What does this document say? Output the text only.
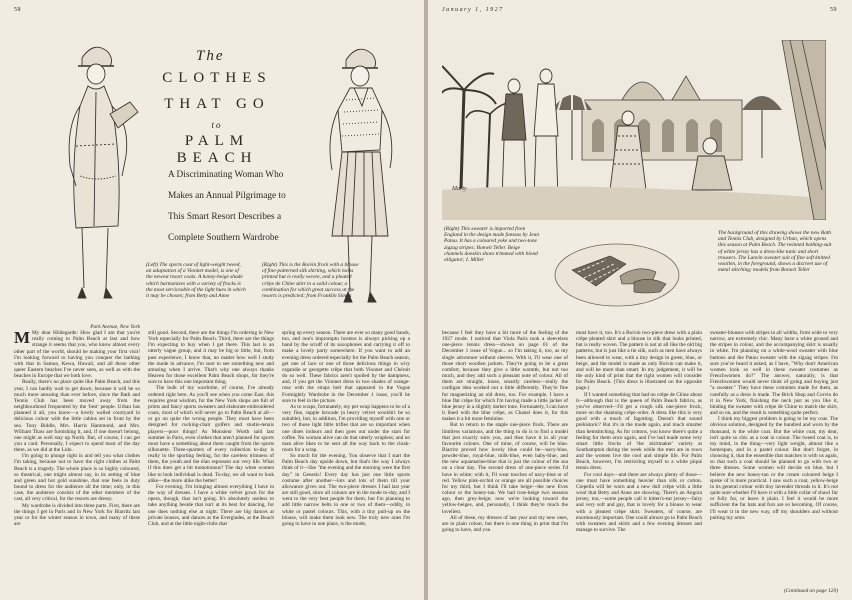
58
The
CLOTHES
THAT GO
to
PALM BEACH
A Discriminating Woman Who
Makes an Annual Pilgrimage to
This Smart Resort Describes a
Complete Southern Wardrobe
(Left) The sports coat of light-weight tweed, an adaptation of a Vionnet model, is one of the newest resort coats. A honey-beige shade which harmonizes with a variety of frocks is the most serviceable of the light hues in which it may be chosen; from Betty and Anne
(Right) This is the Boivin frock with a blouse of fine-patterned silk shirting, which looks printed but is really woven, and a pleated crêpe de Chine skirt in a solid colour, a combination for which great success at the resorts is predicted; from Franklin Simon
Park Avenue, New York

M My dear Hildegarde: How glad I am that you're really coming to Palm Beach at last and how strange it seems that you, who know almost every other part of the world, should be making your first visit! I'm looking forward to having you conquer the bathing with that in Samoa, Kewa, Hawaii, and all those other queer Eastern beaches I've never seen, as well as with the beaches in Europe that we both love.

Really, there's no place quite like Palm Beach, and this year, I can hardly wait to get down, because it will be so much more amusing than ever before, since the Bath and Tennis Club has been moved away from the neighbourhood frequented by the 'best' people. Urban has planned it all, you know—a lovely walled courtyard in delicious colour with the little cabins set in front by the sea. Tony Biddle, Mrs. Harris Hammond, and Mrs. William Thaw are furnishing it, and, if one doesn't belong, one might as well stay up North. But, of course, I can get you a card. Personally, I expect to spend most of the day there, as we did at the Lido.

I'm going to plunge right in and tell you what clothes I'm taking, because not to have the right clothes at Palm Beach is a tragedy. The whole place is so highly coloured, so theatrical, one might almost say, in its setting of blue and green and hot gold sunshine, that one feels in duty bound to dress for the audience all the time; only, in this case, the audience consists of the other members of the cast, all very critical, for the resorts are dressy.

My wardrobe is divided into three parts. First, there are the things I get in Paris and in New York for Biarritz last year or for the winter season in town, and many of these are

still good. Second, there are the things I'm ordering in New York especially for Palm Beach. Third, there are the things I'm expecting to buy when I get there. This last is an utterly vague group, and it may be big or little, but, from past experience, I know that, no matter how well I study the mode in advance, I'm sure to see something new and amusing when I arrive. That's why one always thanks Heaven for those excellent Palm Beach shops, for they're sure to have this one important thing.

The bulk of my wardrobe, of course, I've already ordered right here. As you'll see when you come East, this requires great wisdom, for the New York shops are full of prints and fancy sports sweaters and elaborate embroidered coats, most of which will never go to Palm Beach at all—or go on quite the wrong people. They must have been designed for rocking-chair golfers and studio-tennis players—poor things! As Monsieur Worth said last summer in Paris, even clothes that aren't planned for sports must have a something about them caught from the sports silhouette. Three-quarters of every collection to-day is really in the sporting feeling, for the careless trimness of them, the youth and the élan represent our very life. What if this does get a bit monotonous? The day when women like to look individual is dead. To-day, we all want to look alike—the more alike the better!

For evening, I'm bringing almost everything I have in the way of dresses. I have a white velvet gown for the opera, though, that isn't going. It's absolutely useless to take anything beside that isn't at its best for dancing, for one does nothing else at night. There are big dances at private houses, and dances at the Everglades, at the Beach Club, and at the little night-clubs that

spring up every season. There are ever so many good bands, too, and one's impromptu hostess is always picking up a band by the scruff of its saxophones and carrying it off to make a lovely party somewhere. If you want to add an evening dress ordered especially for the Palm Beach season, get one of lace or one of those delicious things in wiry organdie or georgette crêpe that both Vionnet and Chéruit do so well. These fabrics aren't spoiled by the dampness, and, if you get the Vionnet dress in two shades of orange-rose with the straps belt that appeared in the Vogue Fortnightly Wardrobe in the December 1 issue, you'll be sure to feel in the picture.

As to wraps, fortunately, my pet wrap happens to be of a very fine, supple brocade (a heavy velvet wouldn't be so suitable), but, in addition, I'm providing myself with one or two of those light little trifles that are so important when one dines indoors and then goes out under the stars for coffee. No woman alive can do that utterly wrapless; and no man alive likes to be sent all the way back to the cloak-room for a wrap.

So much for the evening. You observe that I start the Palm Beach day upside down, but that's the way I always think of it—like "the evening and the morning were the first day" in Genesis! Every day has just one little sports costume after another—lots and lots of them till your allowance gives out. The two-piece dresses I had last year are still good, since all colours are in the mode to-day, and I went to the very best people for them, but I'm planning to add little narrow belts to one or two of them—oddly, in white or pastel colours. This, with a tiny pull-up on the blouse, will make them look new. The truly new ones I'm going to have in one place, is the mode,

January 1, 1927	59
Marty
(Right) This sweater is imported from England in the design made famous by Jean Patou. It has a coloured yoke and two-tone zigzag stripes; Bonwit Teller. Beige channels doeskin shoes trimmed with blond alligator; I. Miller
The background of this drawing shows the new Bath and Tennis Club, designed by Urban, which opens this season at Palm Beach. The twinned bathing-suit of white jersey has a dress-like tunic and short trousers. The Lanvin sweater suit of fine soft knitted woollen, in the foreground, shows a discreet use of metal stitching; models from Bonwit Teller

because I feel they have a bit more of the feeling of the 1927 mode. I noticed that Viola Paris took a sleeveless one-piece tennis dress—shown on page 61 of the December 1 issue of Vogue... so I'm taking it, too, as my single adventure without sleeves. With it, I'll wear one of those short woollen jackets. They're going to be a great comfort, because they give a little warmth, but not too much, and they add such a pleasant note of colour. All of them are straight, loose, smartly careless—really the cardigan idea worked out a little differently. They're fine for magnetizing an old dress, too. For example, I have a blue flat crêpe for which I'm having made a little jacket of blue jersey in a slightly darker tone. Fortunately, I can have it lined with the blue crêpe, as Chanel does it, for this makes it a bit more feminine.

But to return to the staple one-piece frock. There are limitless variations, and the thing to do is to find a model that just exactly suits you, and then have it in all your favourite colours. One of mine, of course, will be blue. Biarritz proved how lovely blue could be—navy-blue, powder-blue, royal-blue, milk-blue, even baby-blue, and the new aquamarine-blue that is just the colour of the sea on a clear day. The second dress of one-piece series I'd have in white; with it, I'll wear touches of navy-blue or of red. Yellow pink-orchid or orange are all possible choices for my third, but I think I'll take beige—the new Eves colour or the honey-tan. We had rose-beige two seasons ago, then grey-beige; now we're looking toward the yellow-beiges, and, personally, I think they're much the loveliest.

All of these, my dresses of last year and my new ones, are in plain colour, but there is one thing in print that I'm going to have, and you

must have it, too. It's a Boivin two-piece dress with a plain crêpe pleated skirt and a blouse in silk that looks printed, but is really woven. The pattern is not at all like the old big patterns, but is just like a tie silk, such as men have always been allowed to wear, with a tiny design in green, blue, or beige, and the model is made as only Boivin can make it, and will be more than smart. In my judgement, it will be the only kind of print that the right women will consider for Palm Beach. (This dress is illustrated on the opposite page.)

If I wanted something that had no crêpe de Chine about it—although that is the queen of Palm Beach fabrics, as you've observed—I'd get a rough silk one-piece frock, more on the shantung crêpe order. A dress like this is very good with a touch of fagotting. Doesn't that sound prehistoric? But it's in the mode again, and much smarter than hemstitching. As for cottons, you know there's quite a feeling for them once again, and I've had made some very smart little frocks of 'the skirtmaker' variety at Southampton during the week while the men are in town and the women live the cool and simple life. For Palm Beach, however, I'm restricting myself to a white piqué tennis dress.

For cool days—and there are always plenty of those—one must have something heavier than silk or cotton. Crepella will be worn and a new dull crêpe with a little wool that Betty and Anne are showing. There's an Angora jersey, too,—some people call it kitten's-ear jersey—fairy and very soft and gay, that is lovely for a blouse to wear with a pleated crêpe skirt. Sweaters, of course, are enormously important. One could almost go to Palm Beach with sweaters and skirts and a few evening dresses and manage to survive. The

sweater-blouses with stripes in all widths, from wide to very narrow, are extremely chic. Many have a white ground and the stripes in colour, and the accompanying skirt is usually in white. I'm planning on a white-wool sweater with blue buttons and the Patou sweater with the zigzag stripes. I'm sure you've heard it asked, as I have, "Why don't American women look so well in these sweater costumes as Frenchwomen do?" The answer, naturally, is that Frenchwomen would never think of going and buying just "a sweater." They have these costumes made for them, as carefully as a dress is made. The Brick Shop and Corvin do it in New York, finishing the neck just as you like it, binding the sweater with crêpe de Chine to match the skirt, and so on, and the result is something quite perfect.

I think my biggest problem is going to be my coat. The obvious solution, designed by the hundred and worn by the thousand, is the white coat. But the white coat, my dear, isn't quite so chic as a coat in colour. The tweed coat is, to my mind, in the thing—very light weight, almost like a homespun, and in a pastel colour. But don't forget, in choosing it, that the ensemble that matches is with us again, so that such a coat should be planned to go with two or three dresses. Some women will decide on blue, but I believe the new honey-tan or the cream coloured beige I spoke of is more practical. I saw such a coat, yellow-beige in its general colour with tiny lavender threads in it. It's not quite sure whether I'll have it with a little collar of shawl fur or fully fur, or leave it plain. I feel it would be more sufficient the fur hats and furs are so becoming. Of course, I'll wear it in the new way, off my shoulders and without putting my arms

(Continued on page 120)
